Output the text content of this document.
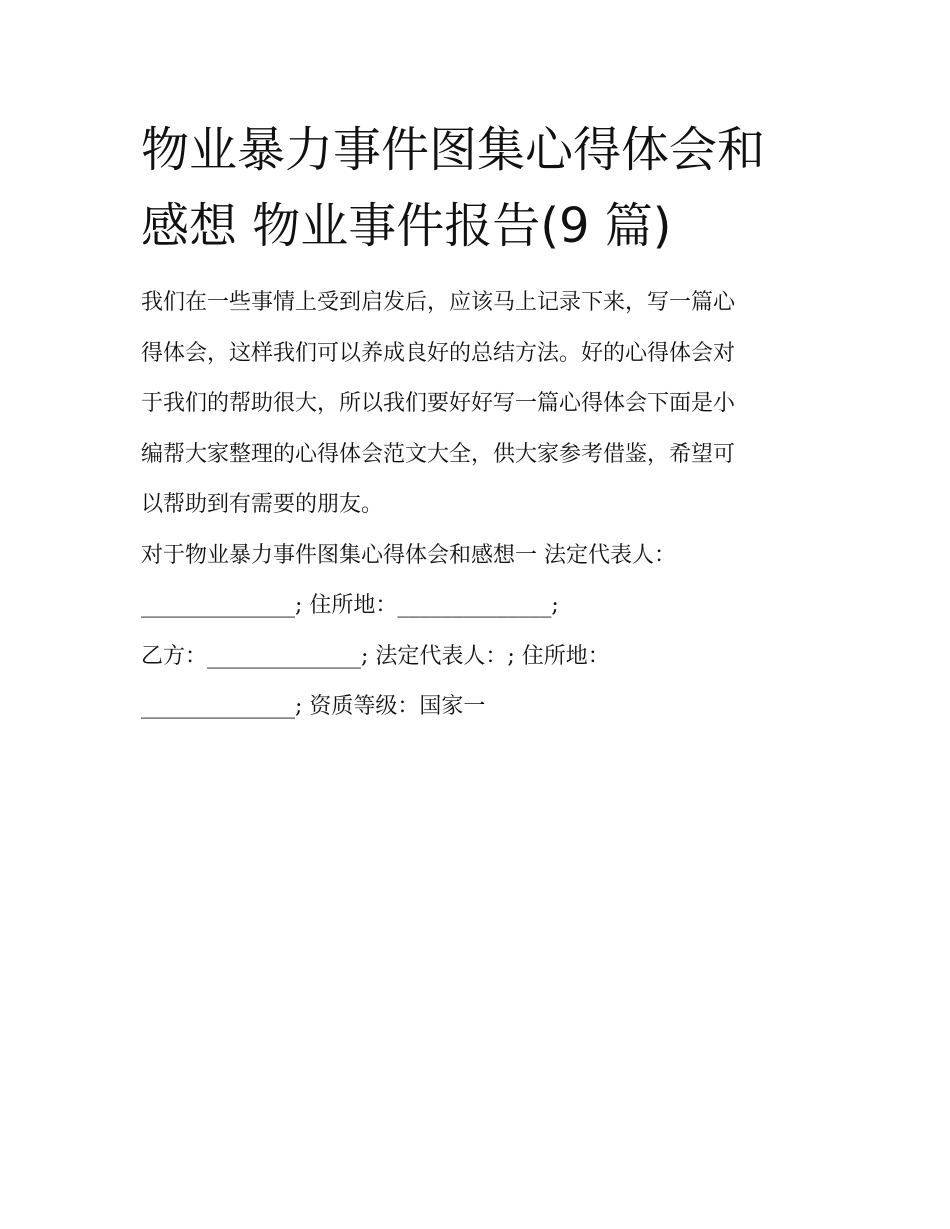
物业暴力事件图集心得体会和
感想 物业事件报告(9 篇)
我们在一些事情上受到启发后，应该马上记录下来，写一篇心
得体会，这样我们可以养成良好的总结方法。好的心得体会对
于我们的帮助很大，所以我们要好好写一篇心得体会下面是小
编帮大家整理的心得体会范文大全，供大家参考借鉴，希望可
以帮助到有需要的朋友。
对于物业暴力事件图集心得体会和感想一 法定代表人：
______________; 住所地：______________;
乙方：______________; 法定代表人：; 住所地：
______________; 资质等级：国家一
